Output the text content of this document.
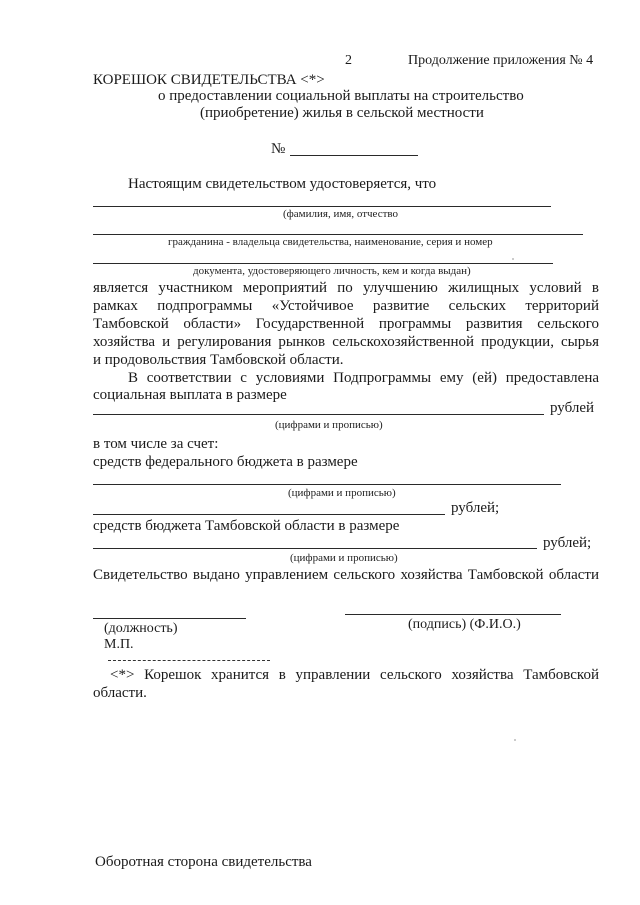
2	Продолжение приложения № 4
КОРЕШОК СВИДЕТЕЛЬСТВА <*>
о предоставлении социальной выплаты на строительство
(приобретение) жилья в сельской местности
№
Настоящим свидетельством удостоверяется, что
(фамилия, имя, отчество
гражданина - владельца свидетельства, наименование, серия и номер
документа, удостоверяющего личность, кем и когда выдан)
является участником мероприятий по улучшению жилищных условий в
рамках подпрограммы «Устойчивое развитие сельских территорий
Тамбовской области» Государственной программы развития сельского
хозяйства и регулирования рынков сельскохозяйственной продукции, сырья
и продовольствия Тамбовской области.
В соответствии с условиями Подпрограммы ему (ей) предоставлена
социальная выплата в размере
рублей
(цифрами и прописью)
в том числе за счет:
средств федерального бюджета в размере
(цифрами и прописью)
рублей;
средств бюджета Тамбовской области в размере
рублей;
(цифрами и прописью)
Свидетельство выдано управлением сельского хозяйства Тамбовской области
(должность)	(подпись) (Ф.И.О.)
М.П.
<*> Корешок хранится в управлении сельского хозяйства Тамбовской
области.
Оборотная сторона свидетельства
